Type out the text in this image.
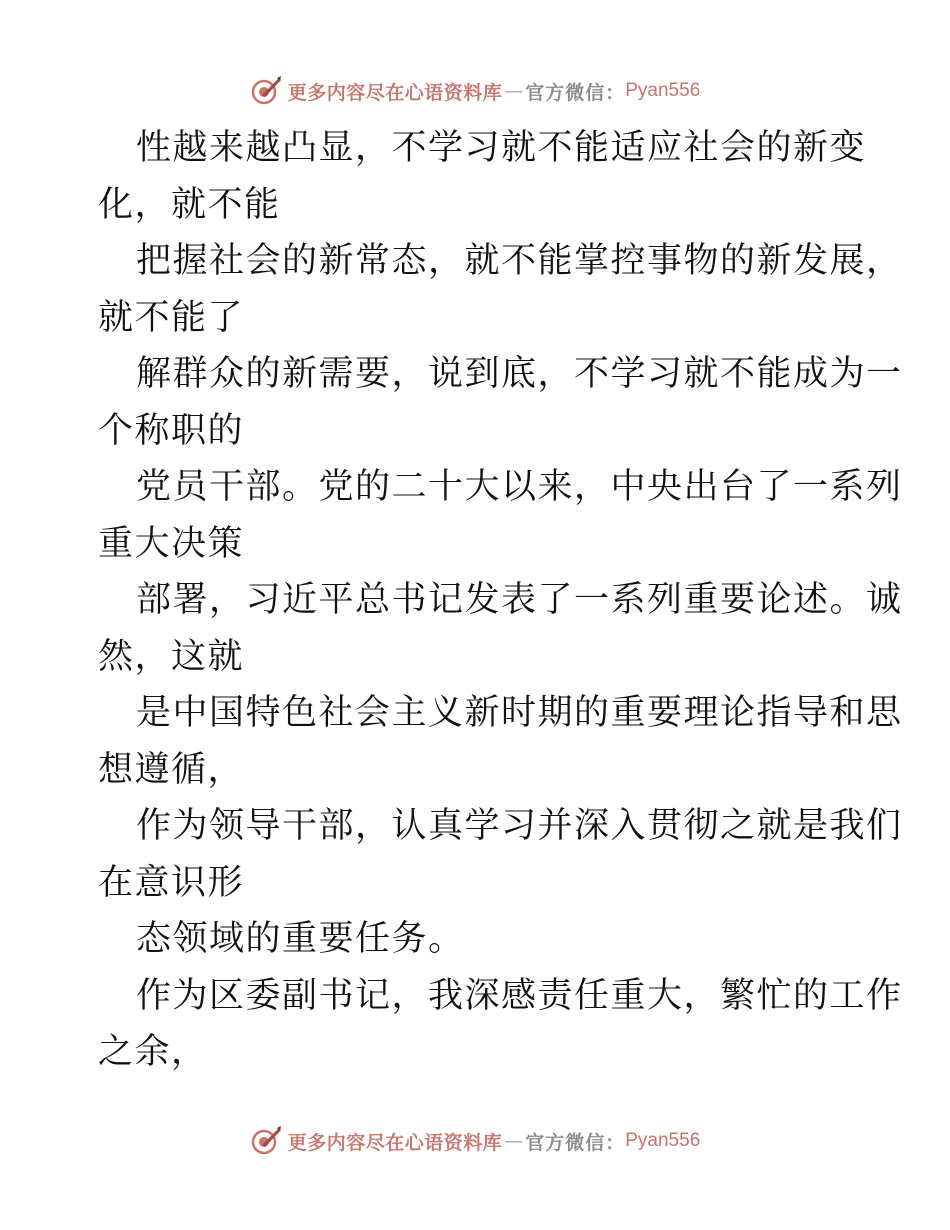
更多内容尽在心语资料库 — 官方微信： Pyan556
性越来越凸显，不学习就不能适应社会的新变
化，就不能
把握社会的新常态，就不能掌控事物的新发展，
就不能了
解群众的新需要，说到底，不学习就不能成为一
个称职的
党员干部。党的二十大以来，中央出台了一系列
重大决策
部署，习近平总书记发表了一系列重要论述。诚
然，这就
是中国特色社会主义新时期的重要理论指导和思
想遵循，
作为领导干部，认真学习并深入贯彻之就是我们
在意识形
态领域的重要任务。
作为区委副书记，我深感责任重大，繁忙的工作
之余，
更多内容尽在心语资料库 — 官方微信： Pyan556
